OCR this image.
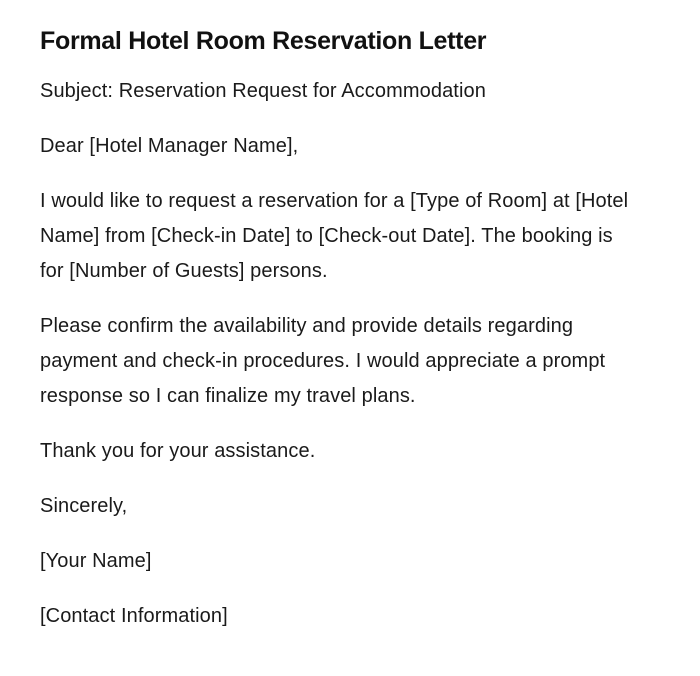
Formal Hotel Room Reservation Letter

Subject: Reservation Request for Accommodation

Dear [Hotel Manager Name],

I would like to request a reservation for a [Type of Room] at [Hotel Name] from [Check-in Date] to [Check-out Date]. The booking is for [Number of Guests] persons.

Please confirm the availability and provide details regarding payment and check-in procedures. I would appreciate a prompt response so I can finalize my travel plans.

Thank you for your assistance.

Sincerely,

[Your Name]

[Contact Information]
